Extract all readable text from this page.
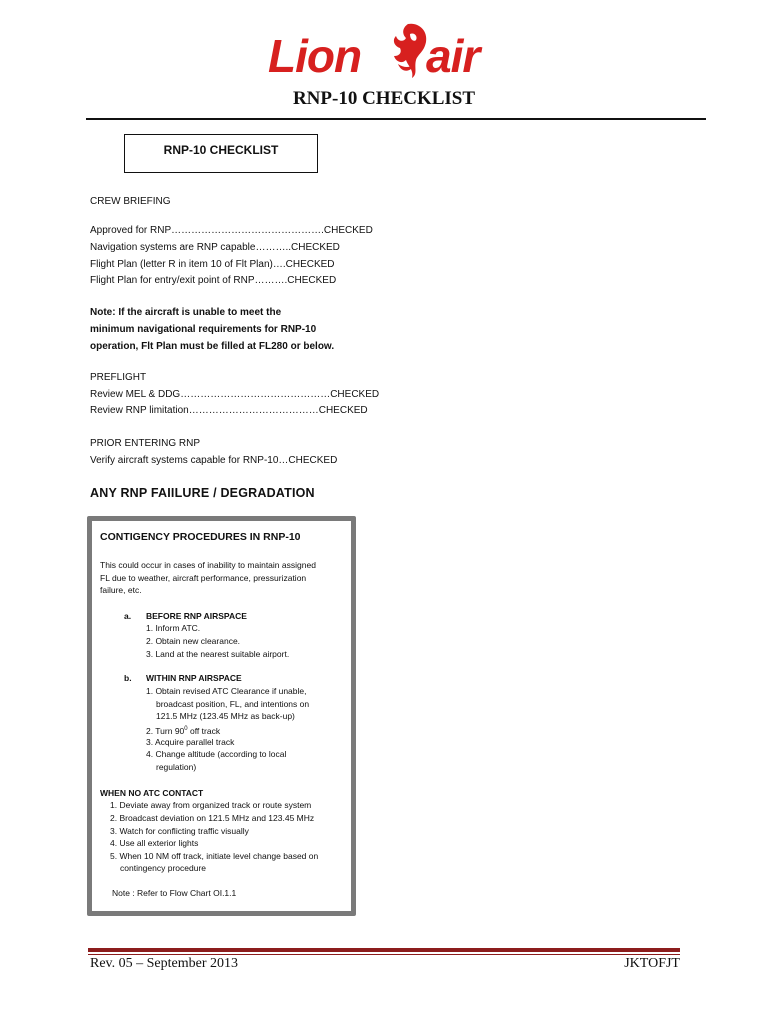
Lion air
RNP-10 CHECKLIST
RNP-10 CHECKLIST
CREW BRIEFING
Approved for RNP……………………………………….CHECKED
Navigation systems are RNP capable………..CHECKED
Flight Plan (letter R in item 10 of Flt Plan)….CHECKED
Flight Plan for entry/exit point of RNP……….CHECKED
Note: If the aircraft is unable to meet the
minimum navigational requirements for RNP-10
operation, Flt Plan must be filled at FL280 or below.
PREFLIGHT
Review MEL & DDG………………………………………CHECKED
Review RNP limitation…………………………………CHECKED
PRIOR ENTERING RNP
Verify aircraft systems capable for RNP-10…CHECKED
ANY RNP FAIILURE / DEGRADATION
CONTIGENCY PROCEDURES IN RNP-10
This could occur in cases of inability to maintain assigned
FL due to weather, aircraft performance, pressurization
failure, etc.
a. BEFORE RNP AIRSPACE
1. Inform ATC.
2. Obtain new clearance.
3. Land at the nearest suitable airport.
b. WITHIN RNP AIRSPACE
1. Obtain revised ATC Clearance if unable,
broadcast position, FL, and intentions on
121.5 MHz (123.45 MHz as back-up)
2. Turn $90^0$ off track
3. Acquire parallel track
4. Change altitude (according to local
regulation)
WHEN NO ATC CONTACT
1. Deviate away from organized track or route system
2. Broadcast deviation on 121.5 MHz and 123.45 MHz
3. Watch for conflicting traffic visually
4. Use all exterior lights
5. When 10 NM off track, initiate level change based on
contingency procedure
Note : Refer to Flow Chart OI.1.1
Rev. 05 – September 2013	JKTOFJT
